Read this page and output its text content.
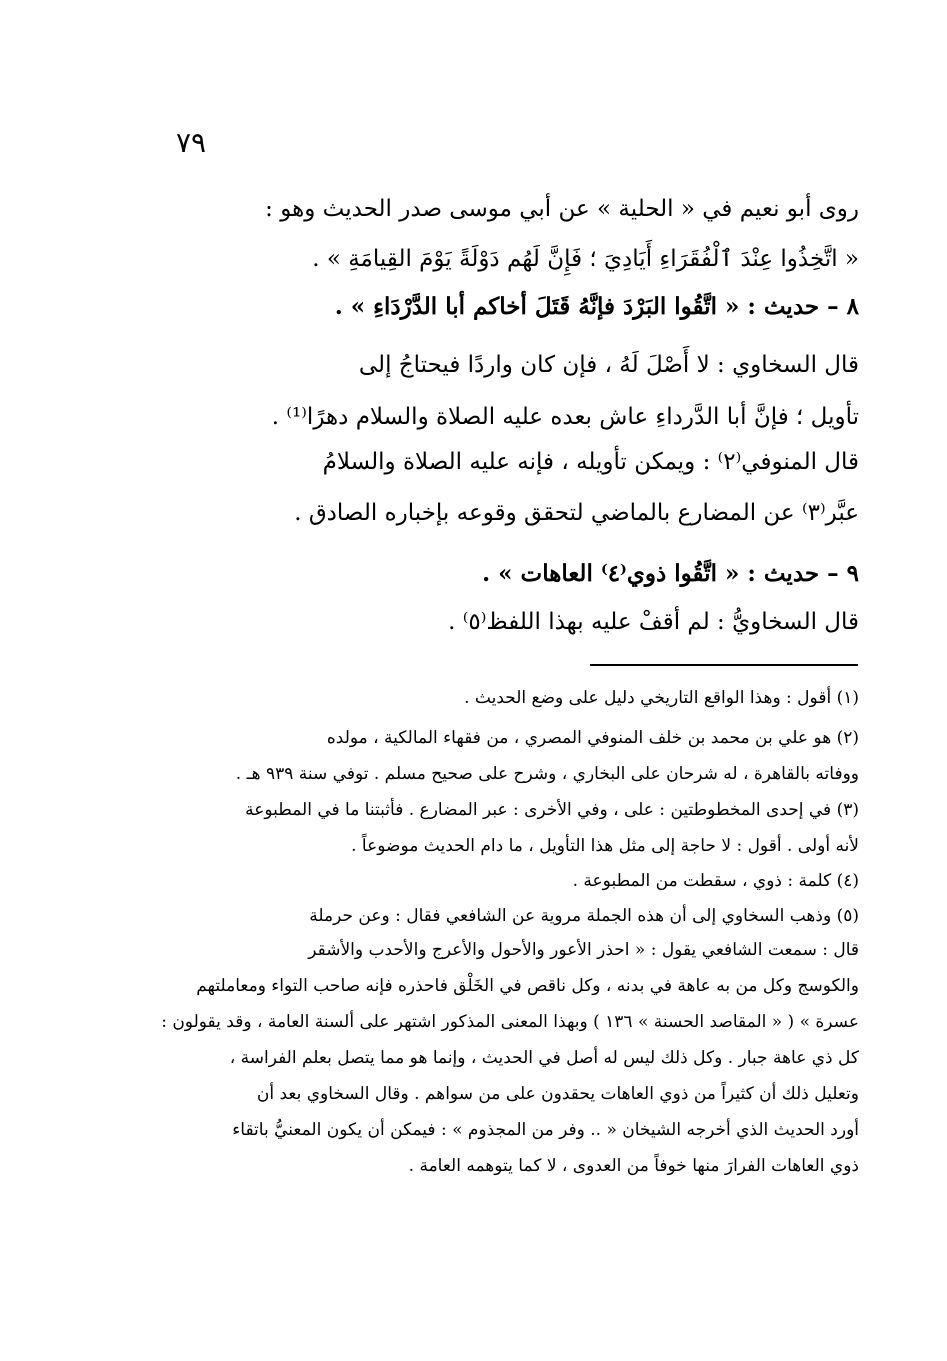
٧٩
روى أبو نعيم في « الحلية » عن أبي موسى صدر الحديث وهو :
« اتَّخِذُوا عِنْدَ ٱلْفُقَرَاءِ أَيَادِيَ ؛ فَإِنَّ لَهُم دَوْلَةً يَوْمَ القِيامَةِ » .
٨ – حديث : « اتَّقُوا البَرْدَ فإنَّهُ قَتَلَ أخاكم أبا الدَّرْدَاءِ » .
قال السخاوي : لا أَصْلَ لَهُ ، فإن كان واردًا فيحتاجُ إلى
تأويل ؛ فإنَّ أبا الدَّرداءِ عاش بعده عليه الصلاة والسلام دهرًا⁽¹⁾ .
قال المنوفي⁽٢⁾ : ويمكن تأويله ، فإنه عليه الصلاة والسلامُ
عبَّر⁽٣⁾ عن المضارع بالماضي لتحقق وقوعه بإخباره الصادق .
٩ – حديث : « اتَّقُوا ذوي⁽٤⁾ العاهات » .
قال السخاويُّ : لم أقفْ عليه بهذا اللفظ⁽٥⁾ .
(١) أقول : وهذا الواقع التاريخي دليل على وضع الحديث .
(٢) هو علي بن محمد بن خلف المنوفي المصري ، من فقهاء المالكية ، مولده
ووفاته بالقاهرة ، له شرحان على البخاري ، وشرح على صحيح مسلم . توفي سنة ٩٣٩ هـ .
(٣) في إحدى المخطوطتين : على ، وفي الأخرى : عبر المضارع . فأثبتنا ما في المطبوعة
لأنه أولى . أقول : لا حاجة إلى مثل هذا التأويل ، ما دام الحديث موضوعاً .
(٤) كلمة : ذوي ، سقطت من المطبوعة .
(٥) وذهب السخاوي إلى أن هذه الجملة مروية عن الشافعي فقال : وعن حرملة
قال : سمعت الشافعي يقول : « احذر الأعور والأحول والأعرج والأحدب والأشقر
والكوسج وكل من به عاهة في بدنه ، وكل ناقص في الخَلْق فاحذره فإنه صاحب التواء ومعاملتهم
عسرة » ( « المقاصد الحسنة » ١٣٦ ) وبهذا المعنى المذكور اشتهر على ألسنة العامة ، وقد يقولون :
كل ذي عاهة جبار . وكل ذلك ليس له أصل في الحديث ، وإنما هو مما يتصل بعلم الفراسة ،
وتعليل ذلك أن كثيراً من ذوي العاهات يحقدون على من سواهم . وقال السخاوي بعد أن
أورد الحديث الذي أخرجه الشيخان « .. وفر من المجذوم » : فيمكن أن يكون المعنيُّ باتقاء
ذوي العاهات الفرارَ منها خوفاً من العدوى ، لا كما يتوهمه العامة .
